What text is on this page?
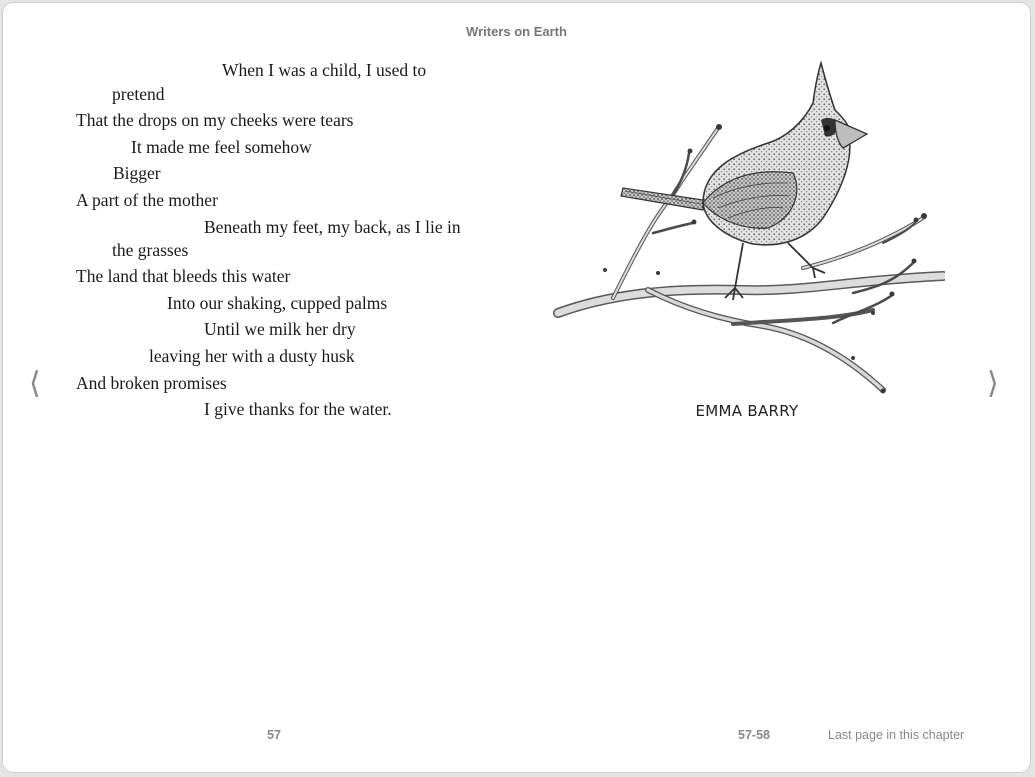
Writers on Earth
⟨	⟩
When I was a child, I used to
pretend
That the drops on my cheeks were tears
It made me feel somehow
Bigger
A part of the mother
Beneath my feet, my back, as I lie in
the grasses
The land that bleeds this water
Into our shaking, cupped palms
Until we milk her dry
leaving her with a dusty husk
And broken promises
I give thanks for the water.	EMMA BARRY
57	57-58	Last page in this chapter
